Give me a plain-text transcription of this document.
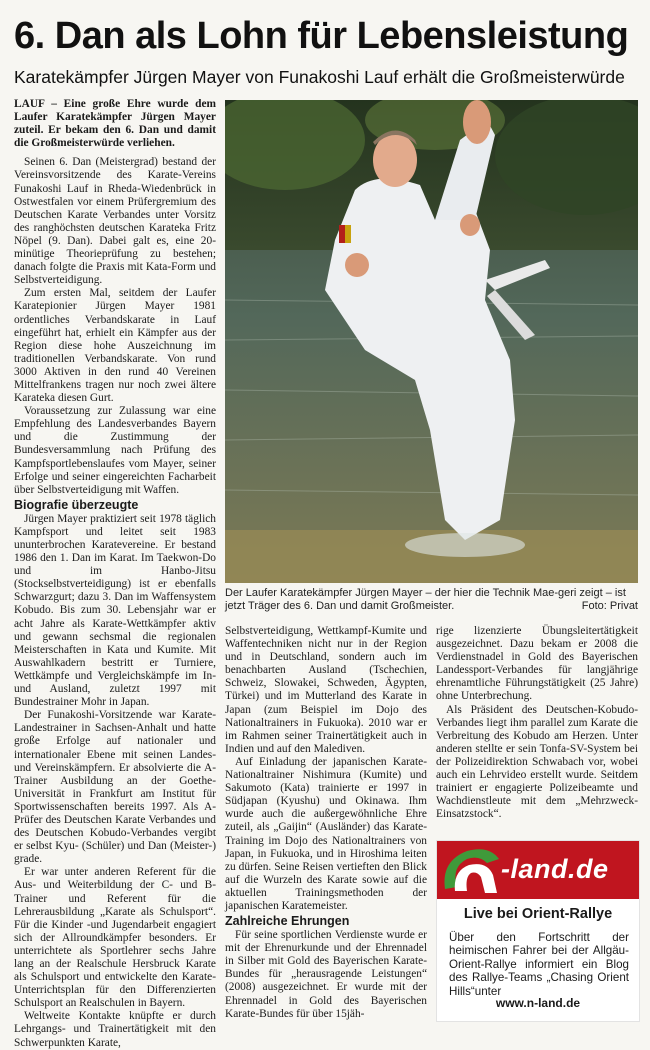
6. Dan als Lohn für Lebensleistung
Karatekämpfer Jürgen Mayer von Funakoshi Lauf erhält die Großmeisterwürde

LAUF – Eine große Ehre wurde dem Laufer Karatekämpfer Jürgen Mayer zuteil. Er bekam den 6. Dan und damit die Großmeisterwürde verliehen.

Seinen 6. Dan (Meistergrad) bestand der Vereinsvorsitzende des Karate-Vereins Funakoshi Lauf in Rheda-Wiedenbrück in Ostwestfalen vor einem Prüfergremium des Deutschen Karate Verbandes unter Vorsitz des ranghöchsten deutschen Karateka Fritz Nöpel (9. Dan). Dabei galt es, eine 20-minütige Theorieprüfung zu bestehen; danach folgte die Praxis mit Kata-Form und Selbstverteidigung.

Zum ersten Mal, seitdem der Laufer Karatepionier Jürgen Mayer 1981 ordentliches Verbandskarate in Lauf eingeführt hat, erhielt ein Kämpfer aus der Region diese hohe Auszeichnung im traditionellen Verbandskarate. Von rund 3000 Aktiven in den rund 40 Vereinen Mittelfrankens tragen nur noch zwei ältere Karateka diesen Gurt.

Voraussetzung zur Zulassung war eine Empfehlung des Landesverbandes Bayern und die Zustimmung der Bundesversammlung nach Prüfung des Kampfsportlebenslaufes vom Mayer, seiner Erfolge und seiner eingereichten Facharbeit über Selbstverteidigung mit Waffen.

Biografie überzeugte

Jürgen Mayer praktiziert seit 1978 täglich Kampfsport und leitet seit 1983 ununterbrochen Karatevereine. Er bestand 1986 den 1. Dan im Karat. Im Taekwon-Do und im Hanbo-Jitsu (Stockselbstverteidigung) ist er ebenfalls Schwarzgurt; dazu 3. Dan im Waffensystem Kobudo. Bis zum 30. Lebensjahr war er acht Jahre als Karate-Wettkämpfer aktiv und gewann sechsmal die regionalen Meisterschaften in Kata und Kumite. Mit Auswahlkadern bestritt er Turniere, Wettkämpfe und Vergleichskämpfe im In- und Ausland, zuletzt 1997 mit Bundestrainer Mohr in Japan.

Der Funakoshi-Vorsitzende war Karate-Landestrainer in Sachsen-Anhalt und hatte große Erfolge auf nationaler und internationaler Ebene mit seinen Landes- und Vereinskämpfern. Er absolvierte die A-Trainer Ausbildung an der Goethe-Universität in Frankfurt am Institut für Sportwissenschaften bereits 1997. Als A-Prüfer des Deutschen Karate Verbandes und des Deutschen Kobudo-Verbandes vergibt er selbst Kyu- (Schüler) und Dan (Meister-) grade.

Er war unter anderen Referent für die Aus- und Weiterbildung der C- und B-Trainer und Referent für die Lehrerausbildung „Karate als Schulsport“. Für die Kinder -und Jugendarbeit engagiert sich der Allroundkämpfer besonders. Er unterrichtete als Sportlehrer sechs Jahre lang an der Realschule Hersbruck Karate als Schulsport und entwickelte den Karate-Unterrichtsplan für den Differenzierten Schulsport an Realschulen in Bayern.

Weltweite Kontakte knüpfte er durch Lehrgangs- und Trainertätigkeit mit den Schwerpunkten Karate,

Der Laufer Karatekämpfer Jürgen Mayer – der hier die Technik Mae-geri zeigt – ist jetzt Träger des 6. Dan und damit Großmeister.	Foto: Privat

Selbstverteidigung, Wettkampf-Kumite und Waffentechniken nicht nur in der Region und in Deutschland, sondern auch im benachbarten Ausland (Tschechien, Schweiz, Slowakei, Schweden, Ägypten, Türkei) und im Mutterland des Karate in Japan (zum Beispiel im Dojo des Nationaltrainers in Fukuoka). 2010 war er im Rahmen seiner Trainertätigkeit auch in Indien und auf den Malediven.

Auf Einladung der japanischen Karate-Nationaltrainer Nishimura (Kumite) und Sakumoto (Kata) trainierte er 1997 in Südjapan (Kyushu) und Okinawa. Ihm wurde auch die außergewöhnliche Ehre zuteil, als „Gaijin“ (Ausländer) das Karate-Training im Dojo des Nationaltrainers von Japan, in Fukuoka, und in Hiroshima leiten zu dürfen. Seine Reisen vertieften den Blick auf die Wurzeln des Karate sowie auf die aktuellen Trainingsmethoden der japanischen Karatemeister.

Zahlreiche Ehrungen

Für seine sportlichen Verdienste wurde er mit der Ehrenurkunde und der Ehrennadel in Silber mit Gold des Bayerischen Karate-Bundes für „herausragende Leistungen“ (2008) ausgezeichnet. Er wurde mit der Ehrennadel in Gold des Bayerischen Karate-Bundes für über 15jäh-

rige lizenzierte Übungsleitertätigkeit ausgezeichnet. Dazu bekam er 2008 die Verdienstnadel in Gold des Bayerischen Landessport-Verbandes für langjährige ehrenamtliche Führungstätigkeit (25 Jahre) ohne Unterbrechung.

Als Präsident des Deutschen-Kobudo-Verbandes liegt ihm parallel zum Karate die Verbreitung des Kobudo am Herzen. Unter anderen stellte er sein Tonfa-SV-System bei der Polizeidirektion Schwabach vor, wobei auch ein Lehrvideo erstellt wurde. Seitdem trainiert er engagierte Polizeibeamte und Wachdienstleute mit dem „Mehrzweck-Einsatzstock“.

-land.de
Live bei Orient-Rallye
Über den Fortschritt der heimischen Fahrer bei der Allgäu-Orient-Rallye informiert ein Blog des Rallye-Teams „Chasing Orient Hills“unter
www.n-land.de
